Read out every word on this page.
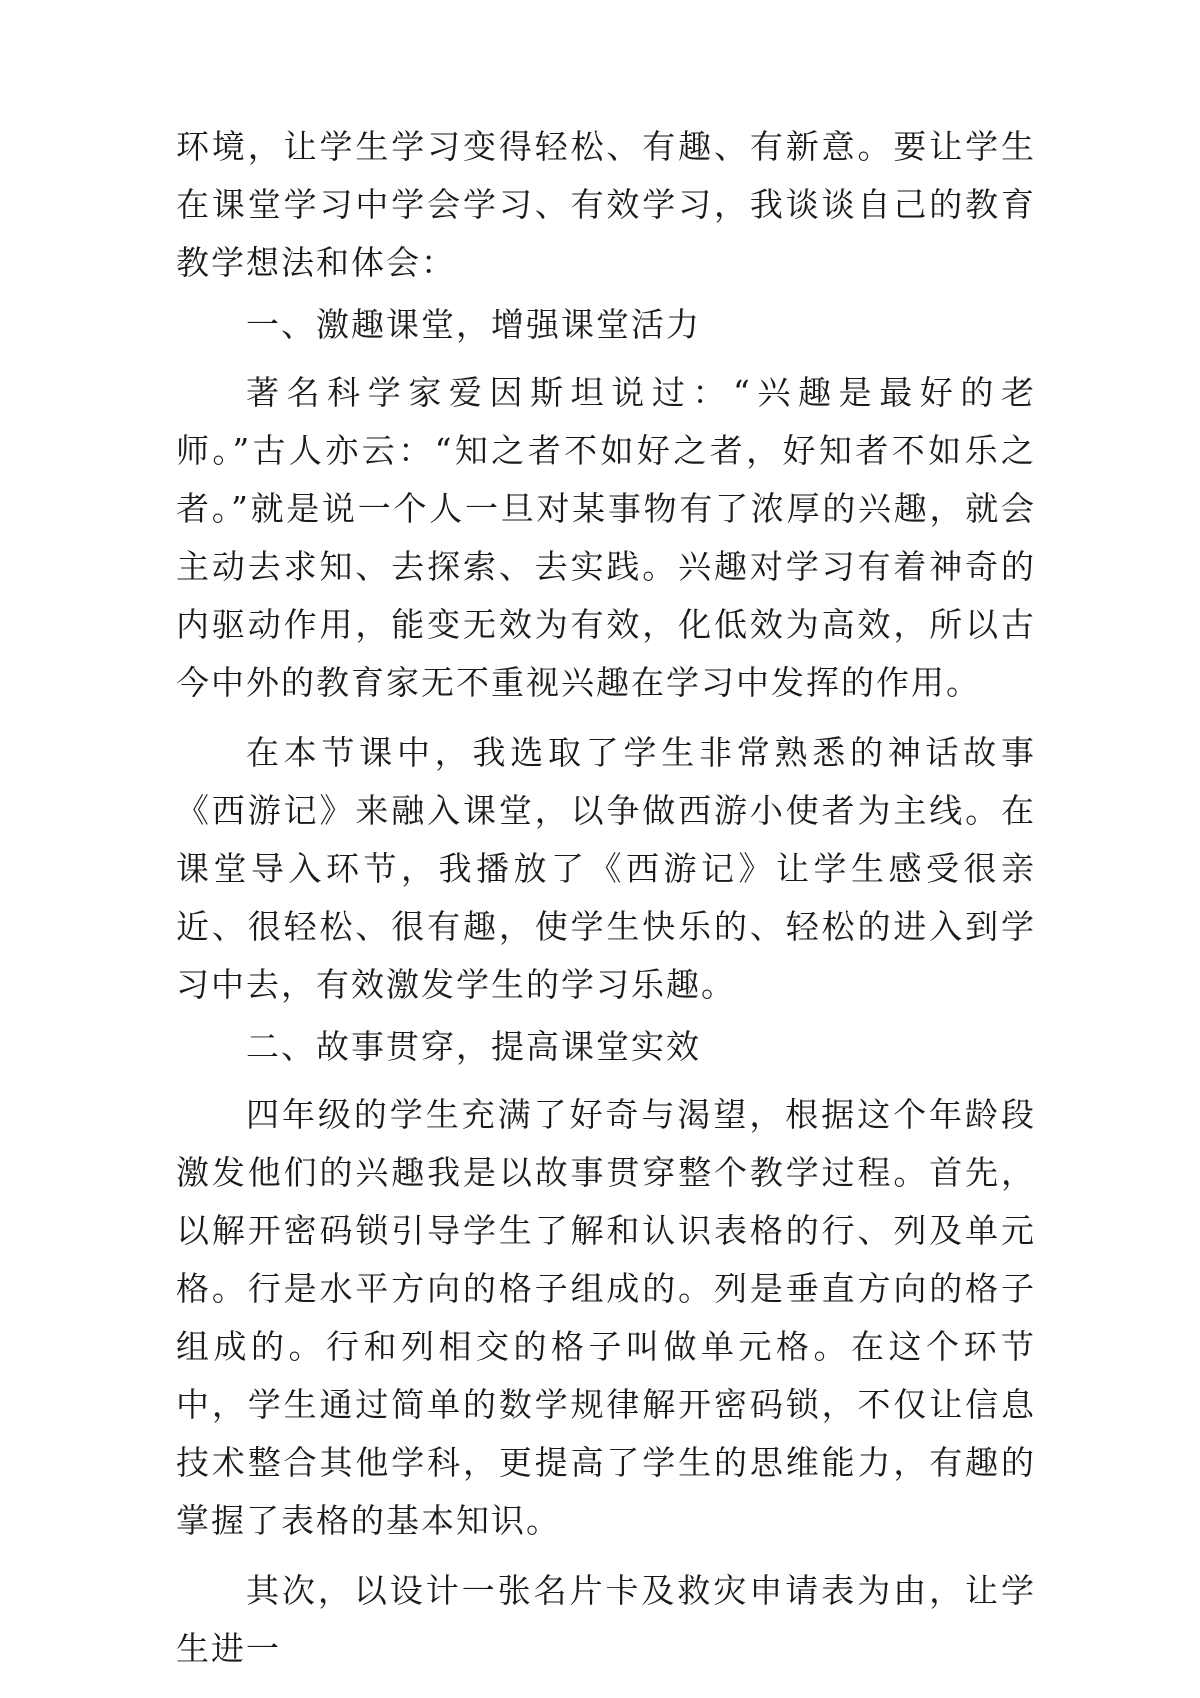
环境，让学生学习变得轻松、有趣、有新意。要让学生在课堂学习中学会学习、有效学习，我谈谈自己的教育教学想法和体会：

一、激趣课堂，增强课堂活力

著名科学家爱因斯坦说过：“兴趣是最好的老师。”古人亦云：“知之者不如好之者，好知者不如乐之者。”就是说一个人一旦对某事物有了浓厚的兴趣，就会主动去求知、去探索、去实践。兴趣对学习有着神奇的内驱动作用，能变无效为有效，化低效为高效，所以古今中外的教育家无不重视兴趣在学习中发挥的作用。

在本节课中，我选取了学生非常熟悉的神话故事《西游记》来融入课堂，以争做西游小使者为主线。在课堂导入环节，我播放了《西游记》让学生感受很亲近、很轻松、很有趣，使学生快乐的、轻松的进入到学习中去，有效激发学生的学习乐趣。

二、故事贯穿，提高课堂实效

四年级的学生充满了好奇与渴望，根据这个年龄段激发他们的兴趣我是以故事贯穿整个教学过程。首先，以解开密码锁引导学生了解和认识表格的行、列及单元格。行是水平方向的格子组成的。列是垂直方向的格子组成的。行和列相交的格子叫做单元格。在这个环节中，学生通过简单的数学规律解开密码锁，不仅让信息技术整合其他学科，更提高了学生的思维能力，有趣的掌握了表格的基本知识。

其次，以设计一张名片卡及救灾申请表为由，让学生进一
